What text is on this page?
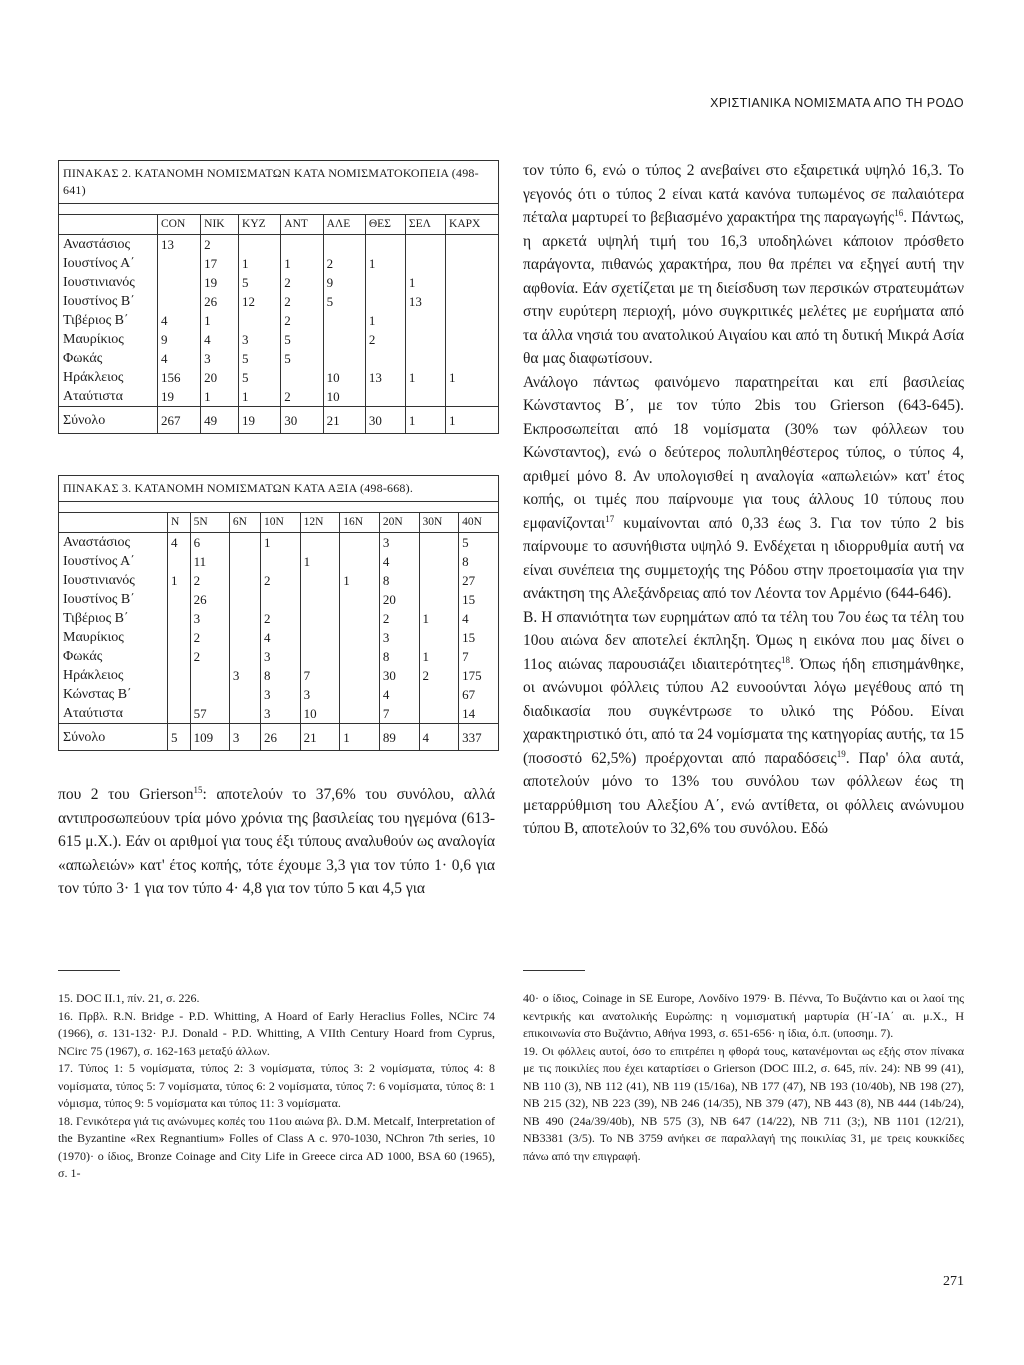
ΧΡΙΣΤΙΑΝΙΚΑ ΝΟΜΙΣΜΑΤΑ ΑΠΟ ΤΗ ΡΟΔΟ
ΠΙΝΑΚΑΣ 2. ΚΑΤΑΝΟΜΗ ΝΟΜΙΣΜΑΤΩΝ ΚΑΤΑ ΝΟΜΙΣΜΑΤΟΚΟΠΕΙΑ (498-641)								

	CON	ΝΙΚ	ΚΥΖ	ΑΝΤ	ΑΛΕ	ΘΕΣ	ΣΕΛ	ΚΑΡΧ
Αναστάσιος	13	2						
Ιουστίνος Α΄		17	1	1	2	1		
Ιουστινιανός		19	5	2	9		1	
Ιουστίνος Β΄		26	12	2	5		13	
Τιβέριος Β΄	4	1		2		1		
Μαυρίκιος	9	4	3	5		2		
Φωκάς	4	3	5	5				
Ηράκλειος	156	20	5		10	13	1	1
Αταύτιστα	19	1	1	2	10			
Σύνολο	267	49	19	30	21	30	1	1
ΠΙΝΑΚΑΣ 3. ΚΑΤΑΝΟΜΗ ΝΟΜΙΣΜΑΤΩΝ ΚΑΤΑ ΑΞΙΑ (498-668).									

	N	5N	6N	10N	12N	16N	20N	30N	40N
Αναστάσιος	4	6		1			3		5
Ιουστίνος Α΄		11			1		4		8
Ιουστινιανός	1	2		2		1	8		27
Ιουστίνος Β΄		26					20		15
Τιβέριος Β΄		3		2			2	1	4
Μαυρίκιος		2		4			3		15
Φωκάς		2		3			8	1	7
Ηράκλειος			3	8	7		30	2	175
Κώνστας Β΄				3	3		4		67
Αταύτιστα		57		3	10		7		14
Σύνολο	5	109	3	26	21	1	89	4	337

που 2 του Grierson$^{15}$: αποτελούν το 37,6% του συνόλου, αλλά αντιπροσωπεύουν τρία μόνο χρόνια της βασιλείας του ηγεμόνα (613-615 μ.Χ.). Εάν οι αριθμοί για τους έξι τύπους αναλυθούν ως αναλογία «απωλειών» κατ' έτος κοπής, τότε έχουμε 3,3 για τον τύπο 1· 0,6 για τον τύπο 3· 1 για τον τύπο 4· 4,8 για τον τύπο 5 και 4,5 για

τον τύπο 6, ενώ ο τύπος 2 ανεβαίνει στο εξαιρετικά υψηλό 16,3. Το γεγονός ότι ο τύπος 2 είναι κατά κανόνα τυπωμένος σε παλαιότερα πέταλα μαρτυρεί το βεβιασμένο χαρακτήρα της παραγωγής$^{16}$. Πάντως, η αρκετά υψηλή τιμή του 16,3 υποδηλώνει κάποιον πρόσθετο παράγοντα, πιθανώς χαρακτήρα, που θα πρέπει να εξηγεί αυτή την αφθονία. Εάν σχετίζεται με τη διείσδυση των περσικών στρατευμάτων στην ευρύτερη περιοχή, μόνο συγκριτικές μελέτες με ευρήματα από τα άλλα νησιά του ανατολικού Αιγαίου και από τη δυτική Μικρά Ασία θα μας διαφωτίσουν.

Ανάλογο πάντως φαινόμενο παρατηρείται και επί βασιλείας Κώνσταντος Β΄, με τον τύπο 2bis του Grierson (643-645). Εκπροσωπείται από 18 νομίσματα (30% των φόλλεων του Κώνσταντος), ενώ ο δεύτερος πολυπληθέστερος τύπος, ο τύπος 4, αριθμεί μόνο 8. Αν υπολογισθεί η αναλογία «απωλειών» κατ' έτος κοπής, οι τιμές που παίρνουμε για τους άλλους 10 τύπους που εμφανίζονται$^{17}$ κυμαίνονται από 0,33 έως 3. Για τον τύπο 2 bis παίρνουμε το ασυνήθιστα υψηλό 9. Ενδέχεται η ιδιορρυθμία αυτή να είναι συνέπεια της συμμετοχής της Ρόδου στην προετοιμασία για την ανάκτηση της Αλεξάνδρειας από τον Λέοντα τον Αρμένιο (644-646).

Β. Η σπανιότητα των ευρημάτων από τα τέλη του 7ου έως τα τέλη του 10ου αιώνα δεν αποτελεί έκπληξη. Όμως η εικόνα που μας δίνει ο 11ος αιώνας παρουσιάζει ιδιαιτερότητες$^{18}$. Όπως ήδη επισημάνθηκε, οι ανώνυμοι φόλλεις τύπου Α2 ευνοούνται λόγω μεγέθους από τη διαδικασία που συγκέντρωσε το υλικό της Ρόδου. Είναι χαρακτηριστικό ότι, από τα 24 νομίσματα της κατηγορίας αυτής, τα 15 (ποσοστό 62,5%) προέρχονται από παραδόσεις$^{19}$. Παρ' όλα αυτά, αποτελούν μόνο το 13% του συνόλου των φόλλεων έως τη μεταρρύθμιση του Αλεξίου Α΄, ενώ αντίθετα, οι φόλλεις ανώνυμου τύπου Β, αποτελούν το 32,6% του συνόλου. Εδώ

15. DOC II.1, πίν. 21, σ. 226.

16. Πρβλ. R.N. Bridge - P.D. Whitting, A Hoard of Early Heraclius Folles, NCirc 74 (1966), σ. 131-132· P.J. Donald - P.D. Whitting, A VIIth Century Hoard from Cyprus, NCirc 75 (1967), σ. 162-163 μεταξύ άλλων.

17. Τύπος 1: 5 νομίσματα, τύπος 2: 3 νομίσματα, τύπος 3: 2 νομίσματα, τύπος 4: 8 νομίσματα, τύπος 5: 7 νομίσματα, τύπος 6: 2 νομίσματα, τύπος 7: 6 νομίσματα, τύπος 8: 1 νόμισμα, τύπος 9: 5 νομίσματα και τύπος 11: 3 νομίσματα.

18. Γενικότερα γιά τις ανώνυμες κοπές του 11ου αιώνα βλ. D.M. Metcalf, Interpretation of the Byzantine «Rex Regnantium» Folles of Class A c. 970-1030, NChron 7th series, 10 (1970)· ο ίδιος, Bronze Coinage and City Life in Greece circa AD 1000, BSA 60 (1965), σ. 1-

40· ο ίδιος, Coinage in SE Europe, Λονδίνο 1979· Β. Πέννα, Το Βυζάντιο και οι λαοί της κεντρικής και ανατολικής Ευρώπης: η νομισματική μαρτυρία (Η΄-ΙΑ΄ αι. μ.Χ., Η επικοινωνία στο Βυζάντιο, Αθήνα 1993, σ. 651-656· η ίδια, ό.π. (υποσημ. 7).

19. Οι φόλλεις αυτοί, όσο το επιτρέπει η φθορά τους, κατανέμονται ως εξής στον πίνακα με τις ποικιλίες που έχει καταρτίσει ο Grierson (DOC III.2, σ. 645, πίν. 24): NB 99 (41), NB 110 (3), NB 112 (41), NB 119 (15/16a), NB 177 (47), NB 193 (10/40b), NB 198 (27), NB 215 (32), NB 223 (39), NB 246 (14/35), NB 379 (47), NB 443 (8), NB 444 (14b/24), NB 490 (24a/39/40b), NB 575 (3), NB 647 (14/22), NB 711 (3;), NB 1101 (12/21), NB3381 (3/5). Το NB 3759 ανήκει σε παραλλαγή της ποικιλίας 31, με τρεις κουκκίδες πάνω από την επιγραφή.

271
